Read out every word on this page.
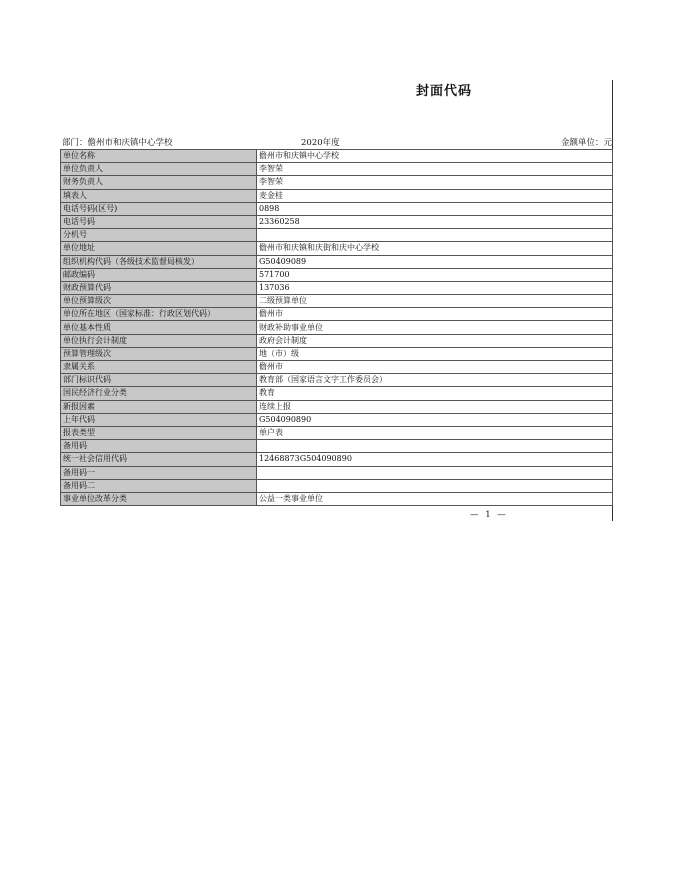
封面代码
部门：儋州市和庆镇中心学校	2020年度	金额单位：元
单位名称	儋州市和庆镇中心学校
单位负责人	李智荣
财务负责人	李智荣
填表人	麦金桂
电话号码(区号)	0898
电话号码	23360258
分机号	
单位地址	儋州市和庆镇和庆街和庆中心学校
组织机构代码（各级技术监督局核发）	G50409089
邮政编码	571700
财政预算代码	137036
单位预算级次	二级预算单位
单位所在地区（国家标准：行政区划代码）	儋州市
单位基本性质	财政补助事业单位
单位执行会计制度	政府会计制度
预算管理级次	地（市）级
隶属关系	儋州市
部门标识代码	教育部（国家语言文字工作委员会）
国民经济行业分类	教育
新报因素	连续上报
上年代码	G504090890
报表类型	单户表
备用码	
统一社会信用代码	12468873G504090890
备用码一	
备用码二	
事业单位改革分类	公益一类事业单位
— 1 —
